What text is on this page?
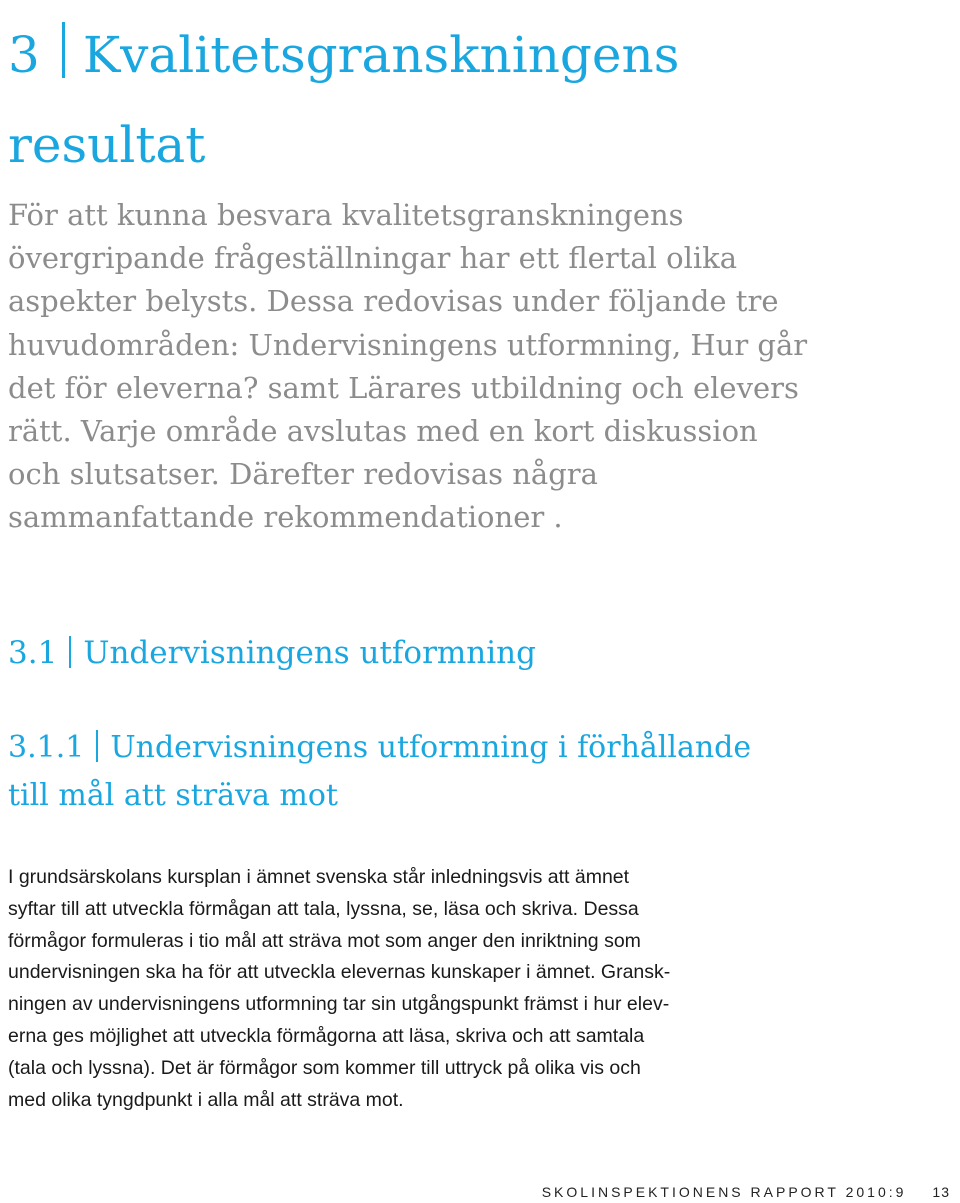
3 Kvalitetsgranskningens
resultat
För att kunna besvara kvalitetsgranskningens övergripande frågeställningar har ett flertal olika aspekter belysts. Dessa redovisas under följande tre huvudområden: Undervisningens utformning, Hur går det för eleverna? samt Lärares utbildning och elevers rätt. Varje område avslutas med en kort diskussion och slutsatser. Därefter redovisas några sammanfattande rekommendationer .
3.1 Undervisningens utformning
3.1.1 Undervisningens utformning i förhållande
till mål att sträva mot
I grundsärskolans kursplan i ämnet svenska står inledningsvis att ämnet
syftar till att utveckla förmågan att tala, lyssna, se, läsa och skriva. Dessa
förmågor formuleras i tio mål att sträva mot som anger den inriktning som
undervisningen ska ha för att utveckla elevernas kunskaper i ämnet. Gransk-
ningen av undervisningens utformning tar sin utgångspunkt främst i hur elev-
erna ges möjlighet att utveckla förmågorna att läsa, skriva och att samtala
(tala och lyssna). Det är förmågor som kommer till uttryck på olika vis och
med olika tyngdpunkt i alla mål att sträva mot.
SKOLINSPEKTIONENS RAPPORT 2010:9 13
